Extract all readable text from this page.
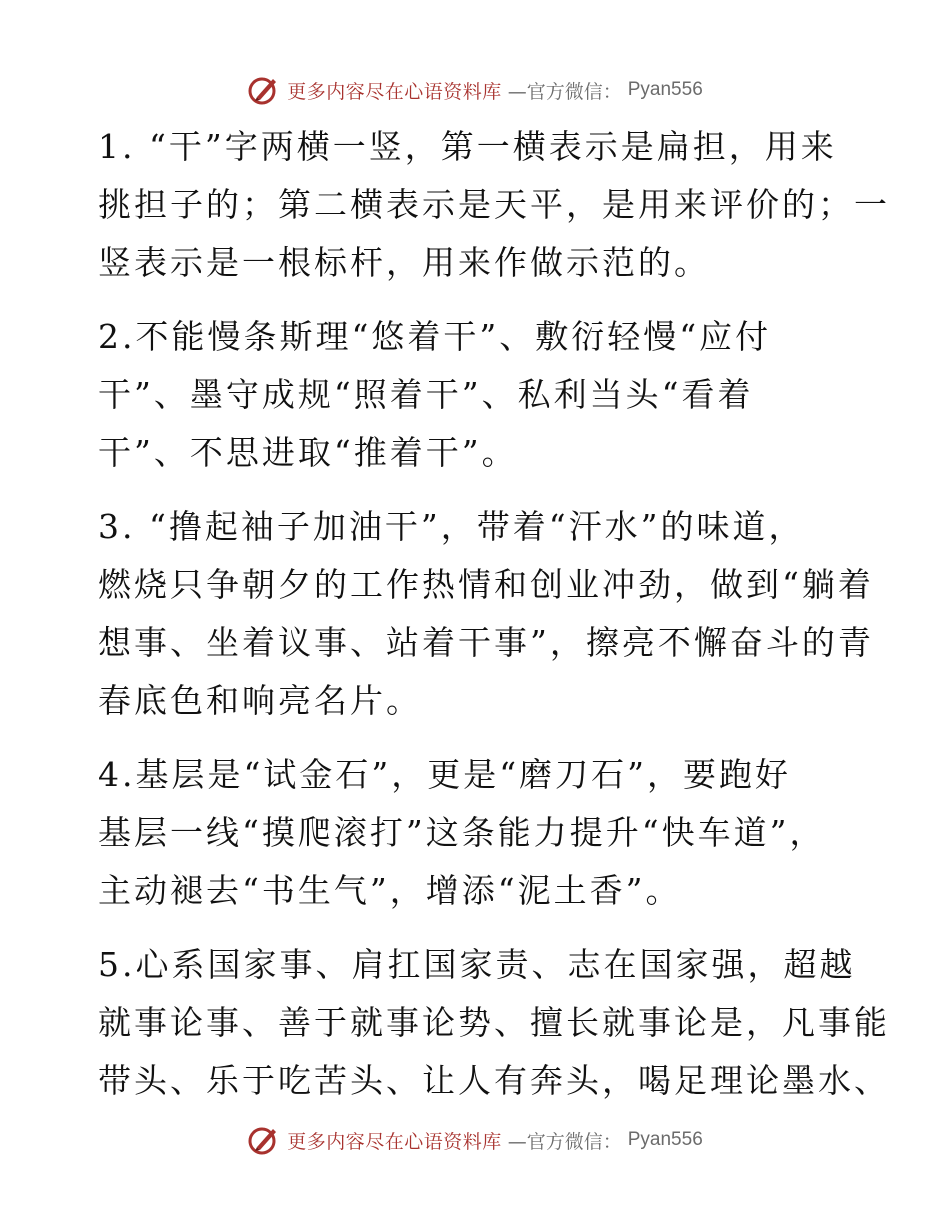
更多内容尽在心语资料库 —官方微信： Pyan556
1. “干”字两横一竖，第一横表示是扁担，用来
挑担子的；第二横表示是天平，是用来评价的；一
竖表示是一根标杆，用来作做示范的。
2.不能慢条斯理“悠着干”、敷衍轻慢“应付
干”、墨守成规“照着干”、私利当头“看着
干”、不思进取“推着干”。
3. “撸起袖子加油干”，带着“汗水”的味道，
燃烧只争朝夕的工作热情和创业冲劲，做到“躺着
想事、坐着议事、站着干事”，擦亮不懈奋斗的青
春底色和响亮名片。
4.基层是“试金石”，更是“磨刀石”，要跑好
基层一线“摸爬滚打”这条能力提升“快车道”，
主动褪去“书生气”，增添“泥土香”。
5.心系国家事、肩扛国家责、志在国家强，超越
就事论事、善于就事论势、擅长就事论是，凡事能
带头、乐于吃苦头、让人有奔头，喝足理论墨水、
更多内容尽在心语资料库 —官方微信： Pyan556
